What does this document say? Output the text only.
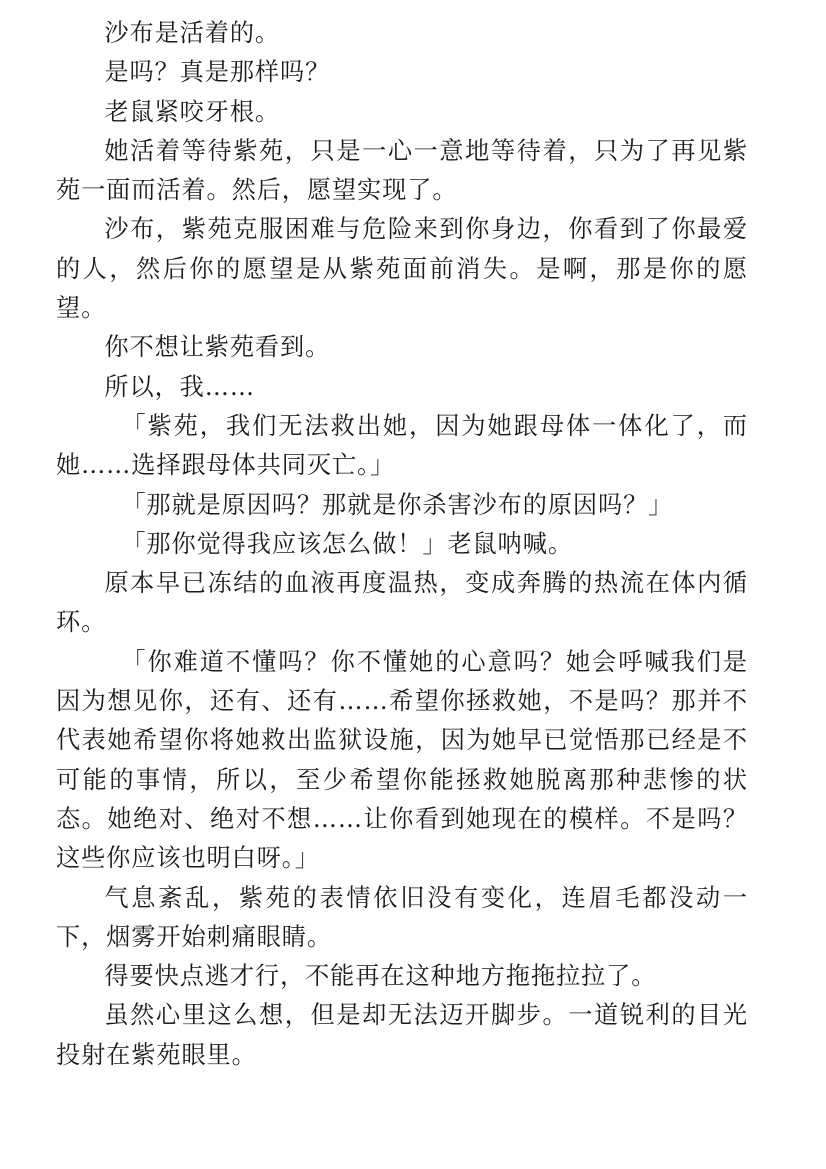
沙布是活着的。

是吗？真是那样吗？

老鼠紧咬牙根。

她活着等待紫苑，只是一心一意地等待着，只为了再见紫苑一面而活着。然后，愿望实现了。

沙布，紫苑克服困难与危险来到你身边，你看到了你最爱的人，然后你的愿望是从紫苑面前消失。是啊，那是你的愿望。

你不想让紫苑看到。

所以，我……

「紫苑，我们无法救出她，因为她跟母体一体化了，而她……选择跟母体共同灭亡。」

「那就是原因吗？那就是你杀害沙布的原因吗？」

「那你觉得我应该怎么做！」老鼠呐喊。

原本早已冻结的血液再度温热，变成奔腾的热流在体内循环。

「你难道不懂吗？你不懂她的心意吗？她会呼喊我们是因为想见你，还有、还有……希望你拯救她，不是吗？那并不代表她希望你将她救出监狱设施，因为她早已觉悟那已经是不可能的事情，所以，至少希望你能拯救她脱离那种悲惨的状态。她绝对、绝对不想……让你看到她现在的模样。不是吗？这些你应该也明白呀。」

气息紊乱，紫苑的表情依旧没有变化，连眉毛都没动一下，烟雾开始刺痛眼睛。

得要快点逃才行，不能再在这种地方拖拖拉拉了。

虽然心里这么想，但是却无法迈开脚步。一道锐利的目光投射在紫苑眼里。
